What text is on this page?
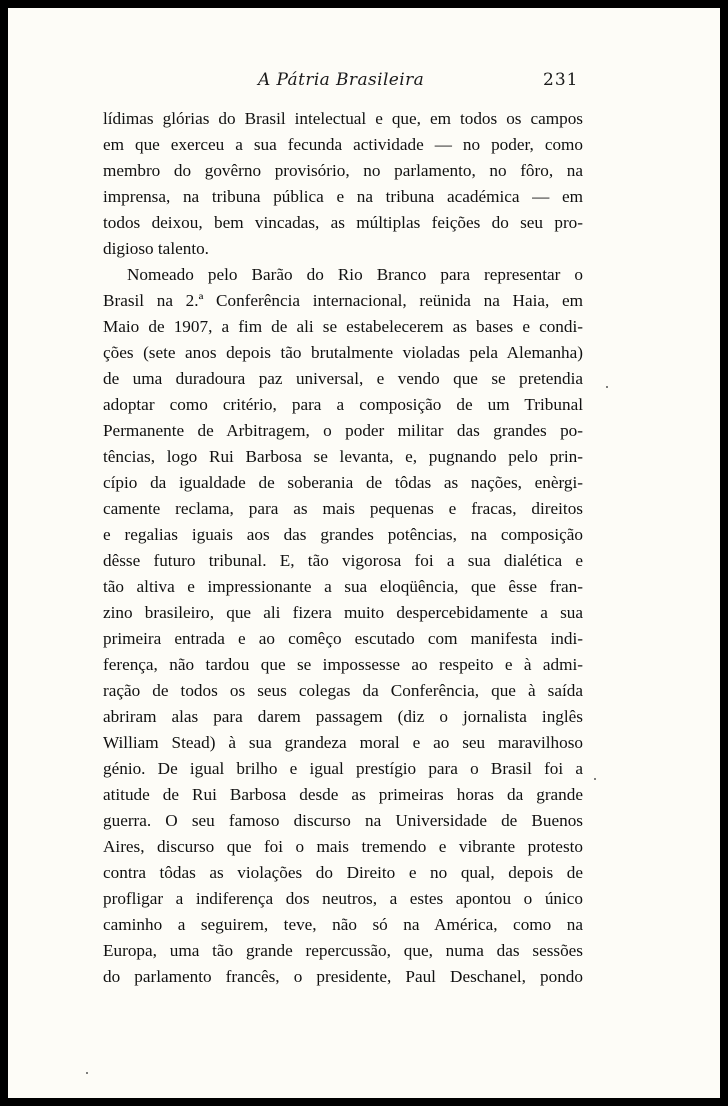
A Pátria Brasileira	231
lídimas glórias do Brasil intelectual e que, em todos os campos
em que exerceu a sua fecunda actividade — no poder, como
membro do govêrno provisório, no parlamento, no fôro, na
imprensa, na tribuna pública e na tribuna académica — em
todos deixou, bem vincadas, as múltiplas feições do seu pro-
digioso talento.
Nomeado pelo Barão do Rio Branco para representar o
Brasil na 2.ª Conferência internacional, reünida na Haia, em
Maio de 1907, a fim de ali se estabelecerem as bases e condi-
ções (sete anos depois tão brutalmente violadas pela Alemanha)
de uma duradoura paz universal, e vendo que se pretendia
adoptar como critério, para a composição de um Tribunal
Permanente de Arbitragem, o poder militar das grandes po-
tências, logo Rui Barbosa se levanta, e, pugnando pelo prin-
cípio da igualdade de soberania de tôdas as nações, enèrgi-
camente reclama, para as mais pequenas e fracas, direitos
e regalias iguais aos das grandes potências, na composição
dêsse futuro tribunal. E, tão vigorosa foi a sua dialética e
tão altiva e impressionante a sua eloqüência, que êsse fran-
zino brasileiro, que ali fizera muito despercebidamente a sua
primeira entrada e ao comêço escutado com manifesta indi-
ferença, não tardou que se impossesse ao respeito e à admi-
ração de todos os seus colegas da Conferência, que à saída
abriram alas para darem passagem (diz o jornalista inglês
William Stead) à sua grandeza moral e ao seu maravilhoso
génio. De igual brilho e igual prestígio para o Brasil foi a
atitude de Rui Barbosa desde as primeiras horas da grande
guerra. O seu famoso discurso na Universidade de Buenos
Aires, discurso que foi o mais tremendo e vibrante protesto
contra tôdas as violações do Direito e no qual, depois de
profligar a indiferença dos neutros, a estes apontou o único
caminho a seguirem, teve, não só na América, como na
Europa, uma tão grande repercussão, que, numa das sessões
do parlamento francês, o presidente, Paul Deschanel, pondo
